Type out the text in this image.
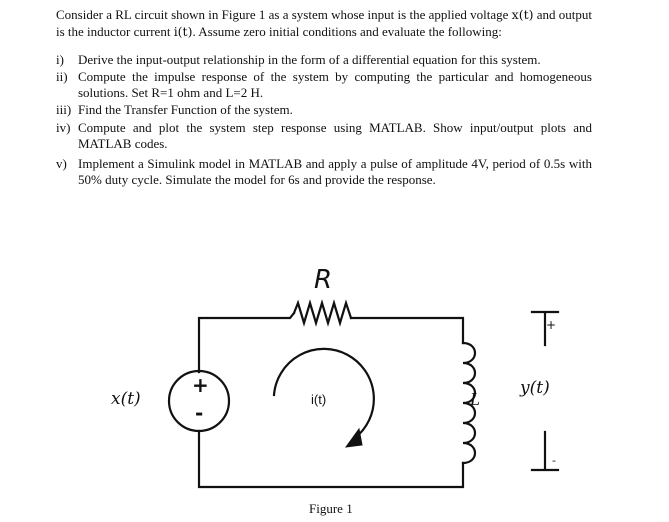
Consider a RL circuit shown in Figure 1 as a system whose input is the applied voltage x(t) and output is the inductor current i(t). Assume zero initial conditions and evaluate the following:

i)	Derive the input-output relationship in the form of a differential equation for this system.
ii) Compute the impulse response of the system by computing the particular and homogeneous solutions. Set R=1 ohm and L=2 H.
iii) Find the Transfer Function of the system.
iv) Compute and plot the system step response using MATLAB. Show input/output plots and MATLAB codes.
v) Implement a Simulink model in MATLAB and apply a pulse of amplitude 4V, period of 0.5s with 50% duty cycle. Simulate the model for 6s and provide the response.
+
-
R
x(t)	i(t)	L
y(t)
+
-
Figure 1
